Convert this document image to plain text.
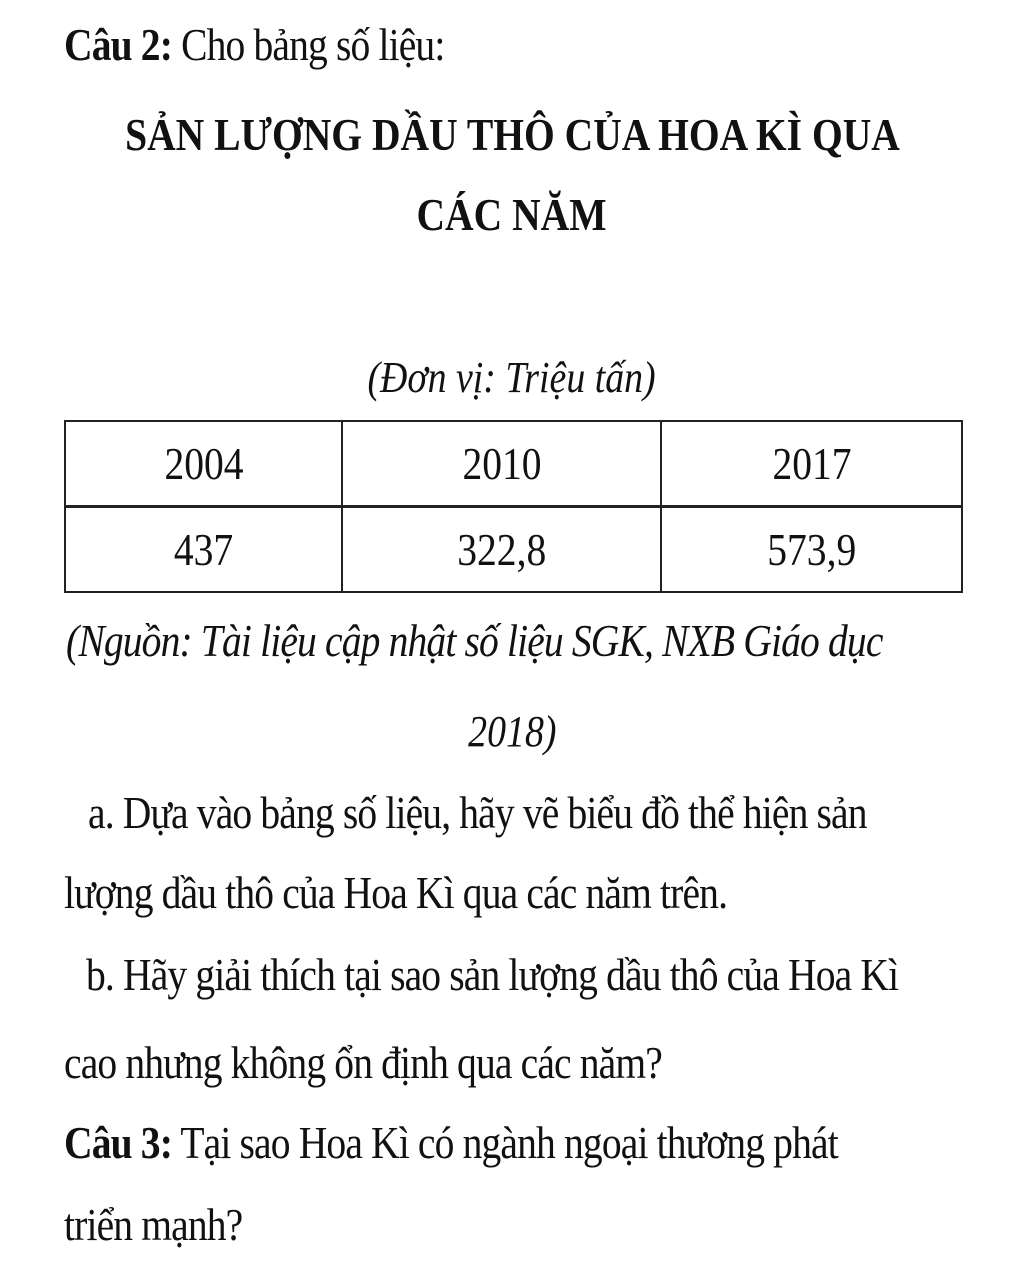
Câu 2: Cho bảng số liệu:
SẢN LƯỢNG DẦU THÔ CỦA HOA KÌ QUA
CÁC NĂM
(Đơn vị: Triệu tấn)
2004	2010	2017
437	322,8	573,9
(Nguồn: Tài liệu cập nhật số liệu SGK, NXB Giáo dục
2018)
a. Dựa vào bảng số liệu, hãy vẽ biểu đồ thể hiện sản
lượng dầu thô của Hoa Kì qua các năm trên.
b. Hãy giải thích tại sao sản lượng dầu thô của Hoa Kì
cao nhưng không ổn định qua các năm?
Câu 3: Tại sao Hoa Kì có ngành ngoại thương phát
triển mạnh?
